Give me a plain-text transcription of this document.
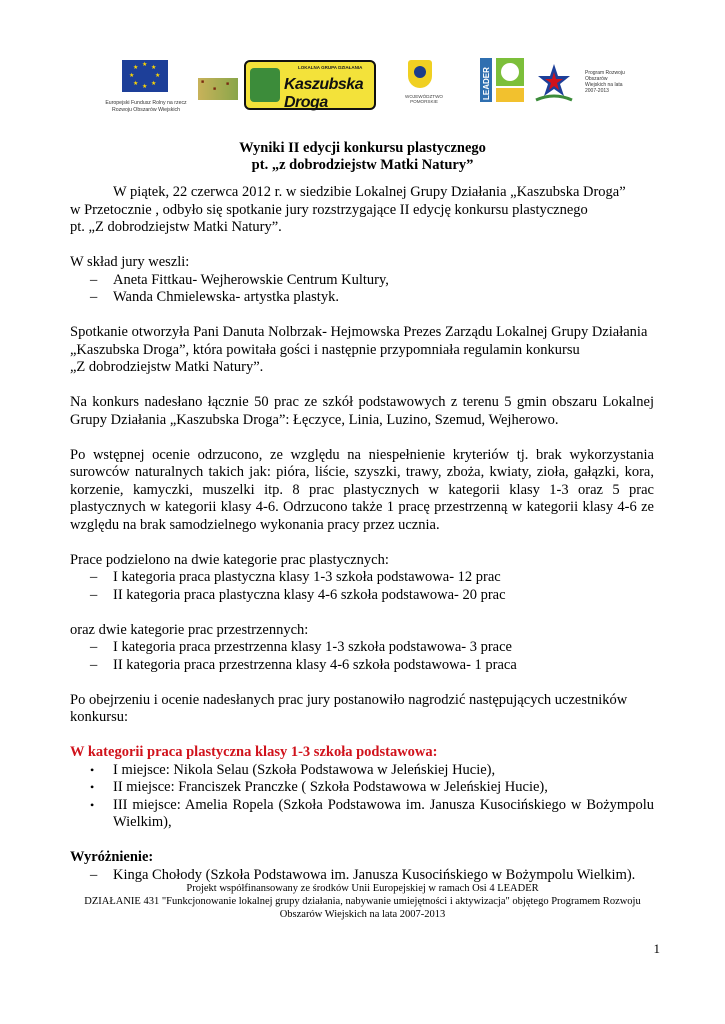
★ ★
★
★
★
★
★
★
Europejski Fundusz Rolny na rzecz Rozwoju Obszarów Wiejskich
■
■
■
LOKALNA GRUPA DZIAŁANIA
Kaszubska Droga	WOJEWÓDZTWO POMORSKIE
LEADER	Program Rozwoju Obszarów Wiejskich na lata 2007-2013
Wyniki II edycji konkursu plastycznego
pt. „z dobrodziejstw Matki Natury”

W piątek, 22 czerwca 2012 r. w siedzibie Lokalnej Grupy Działania „Kaszubska Droga”

w Przetocznie , odbyło się spotkanie jury rozstrzygające II edycję konkursu plastycznego

pt. „Z dobrodziejstw Matki Natury”.

W skład jury weszli:

– Aneta Fittkau- Wejherowskie Centrum Kultury,
– Wanda Chmielewska- artystka plastyk.

Spotkanie otworzyła Pani Danuta Nolbrzak- Hejmowska Prezes Zarządu Lokalnej Grupy Działania

„Kaszubska Droga”, która powitała gości i następnie przypomniała regulamin konkursu

„Z dobrodziejstw Matki Natury”.

Na konkurs nadesłano łącznie 50 prac ze szkół podstawowych z terenu 5 gmin obszaru Lokalnej Grupy Działania „Kaszubska Droga”: Łęczyce, Linia, Luzino, Szemud, Wejherowo.

Po wstępnej ocenie odrzucono, ze względu na niespełnienie kryteriów tj. brak wykorzystania surowców naturalnych takich jak: pióra, liście, szyszki, trawy, zboża, kwiaty, zioła, gałązki, kora, korzenie, kamyczki, muszelki itp. 8 prac plastycznych w kategorii klasy 1-3 oraz 5 prac plastycznych w kategorii klasy 4-6. Odrzucono także 1 pracę przestrzenną w kategorii klasy 4-6 ze względu na brak samodzielnego wykonania pracy przez ucznia.

Prace podzielono na dwie kategorie prac plastycznych:

– I kategoria praca plastyczna klasy 1-3 szkoła podstawowa- 12 prac
– II kategoria praca plastyczna klasy 4-6 szkoła podstawowa- 20 prac

oraz dwie kategorie prac przestrzennych:

– I kategoria praca przestrzenna klasy 1-3 szkoła podstawowa- 3 prace
– II kategoria praca przestrzenna klasy 4-6 szkoła podstawowa- 1 praca

Po obejrzeniu i ocenie nadesłanych prac jury postanowiło nagrodzić następujących uczestników konkursu:

W kategorii praca plastyczna klasy 1-3 szkoła podstawowa:

• I miejsce: Nikola Selau (Szkoła Podstawowa w Jeleńskiej Hucie),
• II miejsce: Franciszek Pranczke ( Szkoła Podstawowa w Jeleńskiej Hucie),
• III miejsce: Amelia Ropela (Szkoła Podstawowa im. Janusza Kusocińskiego w Bożympolu Wielkim),

Wyróżnienie:

– Kinga Chołody (Szkoła Podstawowa im. Janusza Kusocińskiego w Bożympolu Wielkim).
Projekt współfinansowany ze środków Unii Europejskiej w ramach Osi 4 LEADER
DZIAŁANIE 431 "Funkcjonowanie lokalnej grupy działania, nabywanie umiejętności i aktywizacja" objętego Programem Rozwoju
Obszarów Wiejskich na lata 2007-2013
1
